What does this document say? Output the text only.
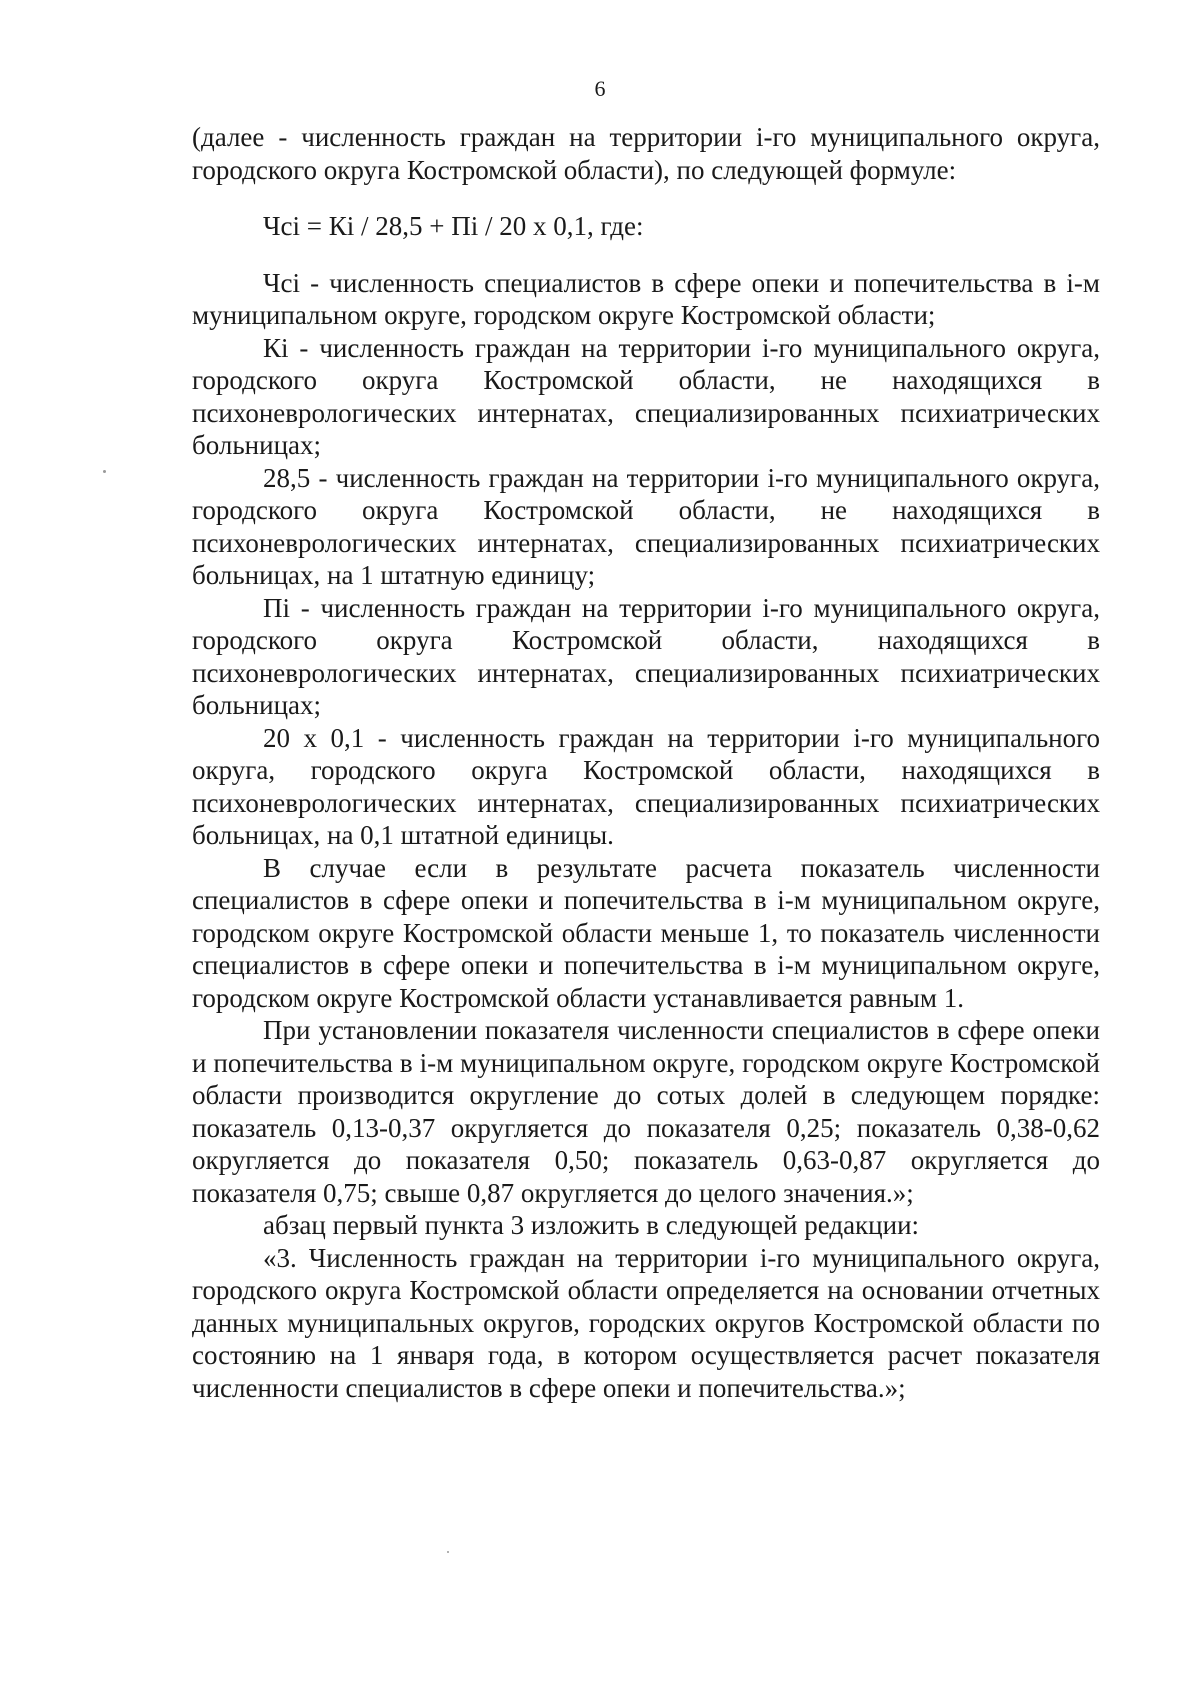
6

(далее - численность граждан на территории i-го муниципального округа, городского округа Костромской области), по следующей формуле:

Чсi = Кi / 28,5 + Пi / 20 х 0,1, где:

Чсi - численность специалистов в сфере опеки и попечительства в i-м муниципальном округе, городском округе Костромской области;

Кi - численность граждан на территории i-го муниципального округа, городского округа Костромской области, не находящихся в психоневрологических интернатах, специализированных психиатрических больницах;

28,5 - численность граждан на территории i-го муниципального округа, городского округа Костромской области, не находящихся в психоневрологических интернатах, специализированных психиатрических больницах, на 1 штатную единицу;

Пi - численность граждан на территории i-го муниципального округа, городского округа Костромской области, находящихся в психоневрологических интернатах, специализированных психиатрических больницах;

20 х 0,1 - численность граждан на территории i-го муниципального округа, городского округа Костромской области, находящихся в психоневрологических интернатах, специализированных психиатрических больницах, на 0,1 штатной единицы.

В случае если в результате расчета показатель численности специалистов в сфере опеки и попечительства в i-м муниципальном округе, городском округе Костромской области меньше 1, то показатель численности специалистов в сфере опеки и попечительства в i-м муниципальном округе, городском округе Костромской области устанавливается равным 1.

При установлении показателя численности специалистов в сфере опеки и попечительства в i-м муниципальном округе, городском округе Костромской области производится округление до сотых долей в следующем порядке: показатель 0,13-0,37 округляется до показателя 0,25; показатель 0,38-0,62 округляется до показателя 0,50; показатель 0,63-0,87 округляется до показателя 0,75; свыше 0,87 округляется до целого значения.»;

абзац первый пункта 3 изложить в следующей редакции:

«3. Численность граждан на территории i-го муниципального округа, городского округа Костромской области определяется на основании отчетных данных муниципальных округов, городских округов Костромской области по состоянию на 1 января года, в котором осуществляется расчет показателя численности специалистов в сфере опеки и попечительства.»;
